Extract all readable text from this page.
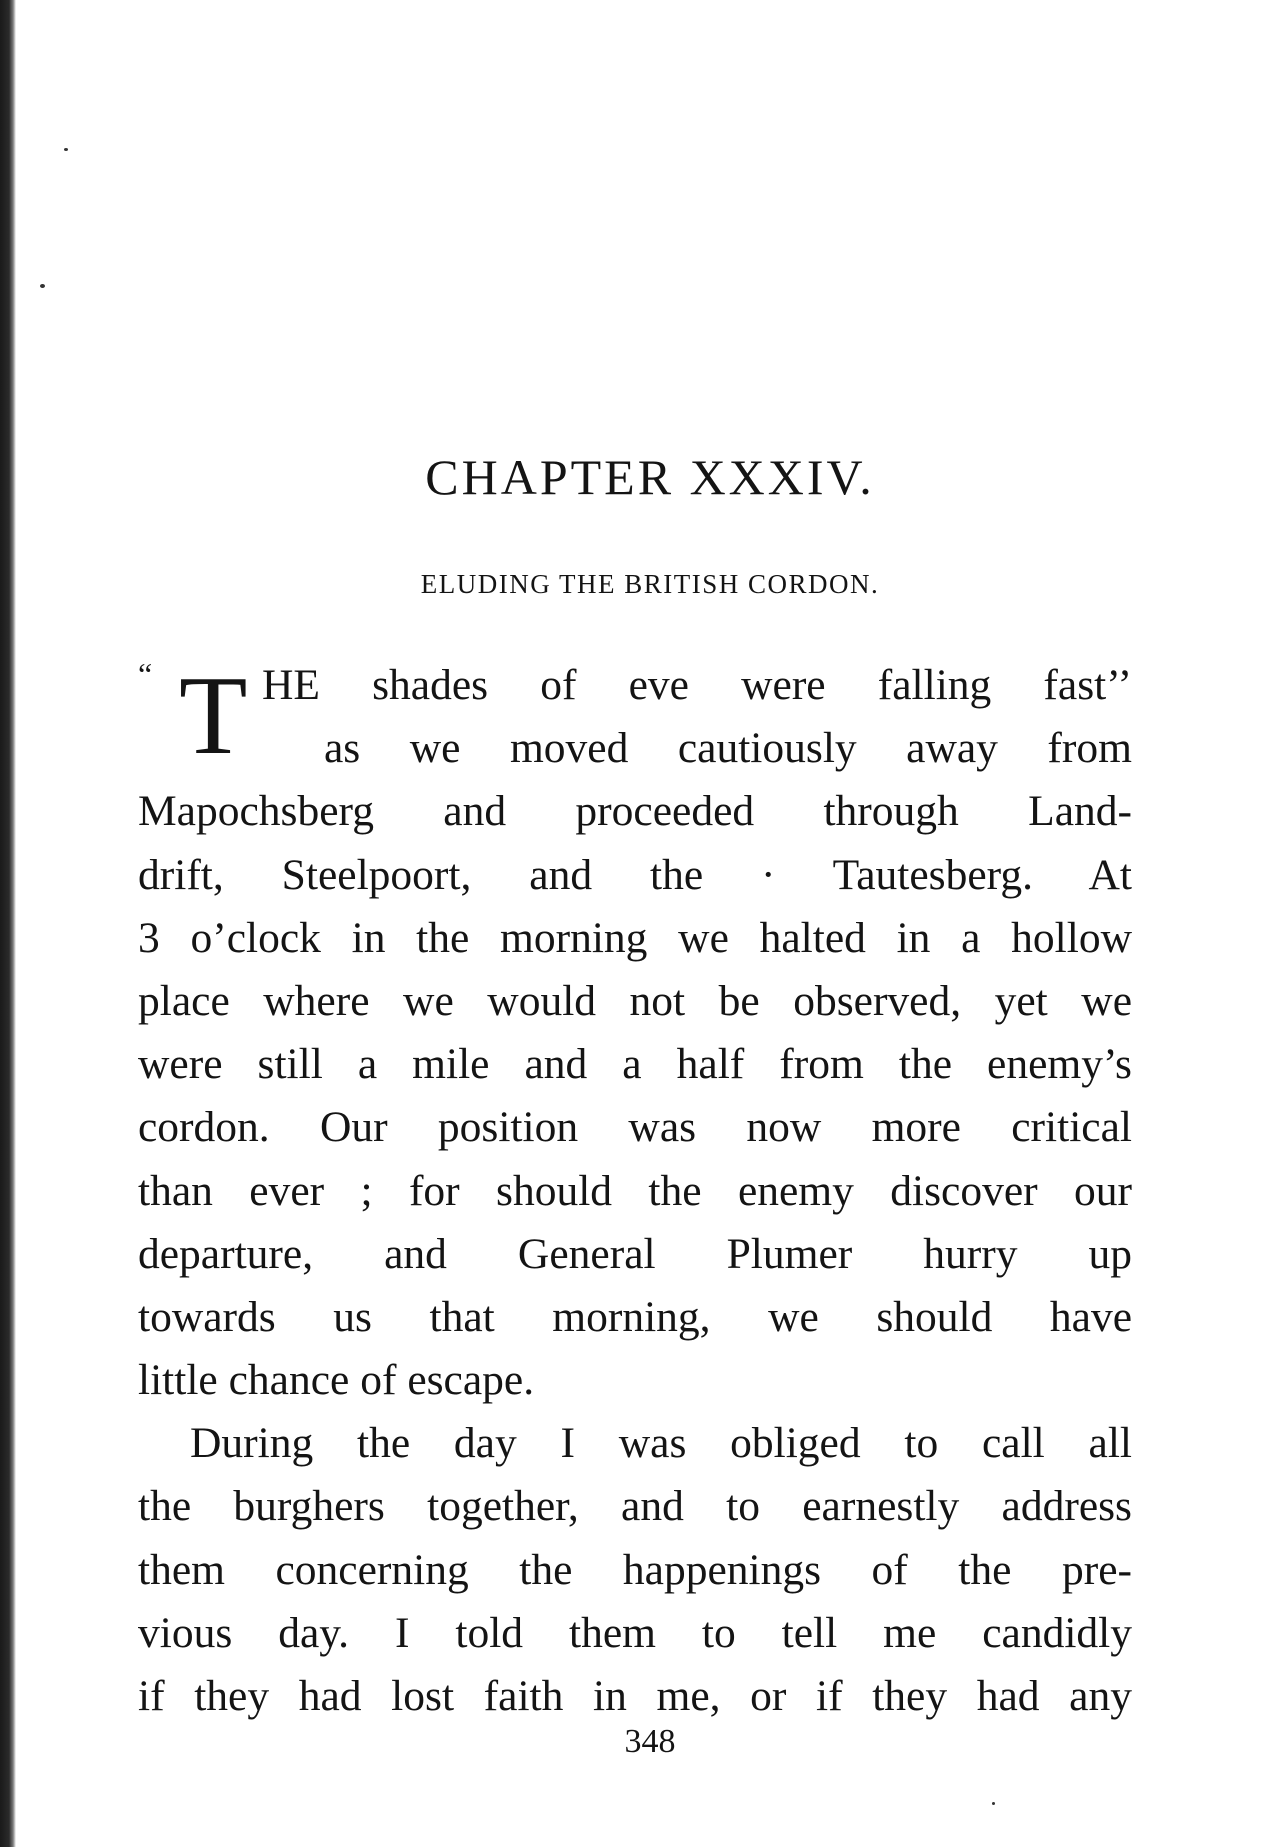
CHAPTER XXXIV.
ELUDING THE BRITISH CORDON.
“ T HE shades of eve were falling fast’’
as we moved cautiously away from
Mapochsberg and proceeded through Land-
drift, Steelpoort, and the · Tautesberg. At
3 o’clock in the morning we halted in a hollow
place where we would not be observed, yet we
were still a mile and a half from the enemy’s
cordon. Our position was now more critical
than ever ; for should the enemy discover our
departure, and General Plumer hurry up
towards us that morning, we should have
little chance of escape.
During the day I was obliged to call all
the burghers together, and to earnestly address
them concerning the happenings of the pre-
vious day. I told them to tell me candidly
if they had lost faith in me, or if they had any
348
